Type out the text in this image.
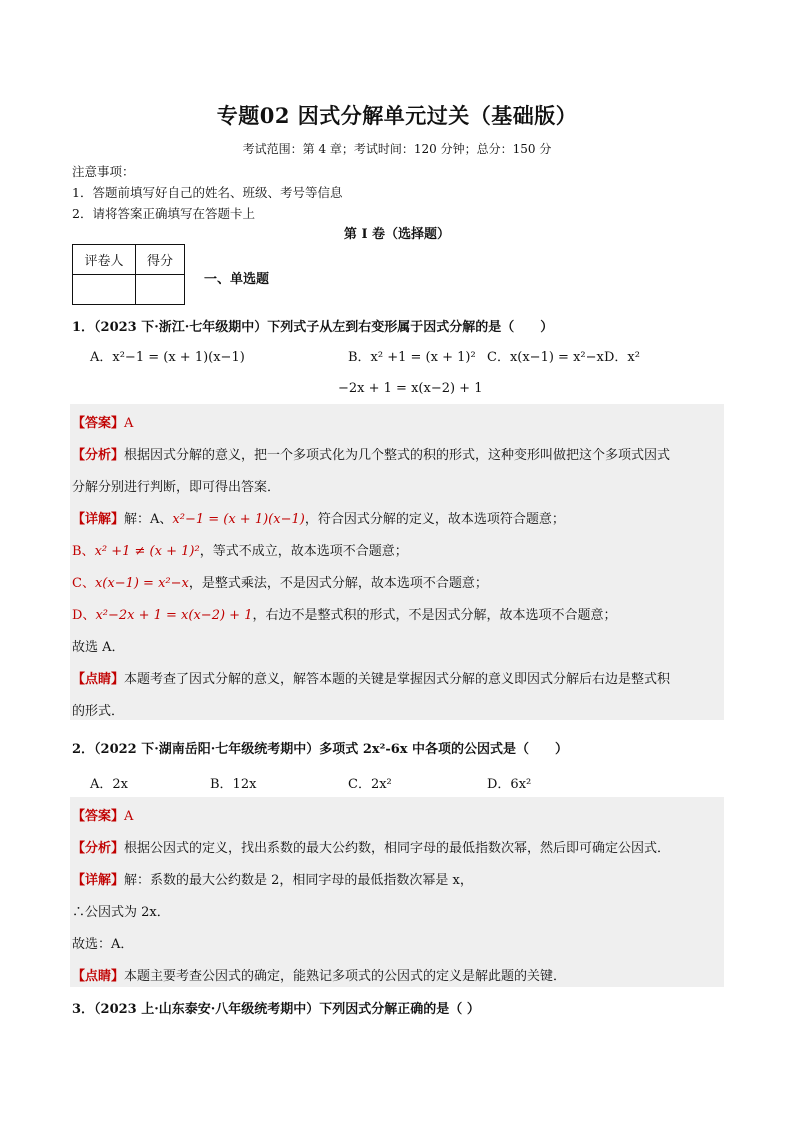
专题02 因式分解单元过关（基础版）
考试范围：第 4 章；考试时间：120 分钟；总分：150 分
注意事项：
1．答题前填写好自己的姓名、班级、考号等信息
2．请将答案正确填写在答题卡上
第 I 卷（选择题）
评卷人	得分

一、单选题
1．（2023 下·浙江·七年级期中）下列式子从左到右变形属于因式分解的是（　　）
A．x²−1 = (x + 1)(x−1)	B．x² +1 = (x + 1)² C．x(x−1) = x²−x D．x²
−2x + 1 = x(x−2) + 1
【答案】A
【分析】根据因式分解的意义，把一个多项式化为几个整式的积的形式，这种变形叫做把这个多项式因式
分解分别进行判断，即可得出答案．
【详解】解：A、x²−1 = (x + 1)(x−1)，符合因式分解的定义，故本选项符合题意；
B、x² +1 ≠ (x + 1)²，等式不成立，故本选项不合题意；
C、x(x−1) = x²−x，是整式乘法，不是因式分解，故本选项不合题意；
D、x²−2x + 1 = x(x−2) + 1，右边不是整式积的形式，不是因式分解，故本选项不合题意；
故选 A．
【点睛】本题考查了因式分解的意义，解答本题的关键是掌握因式分解的意义即因式分解后右边是整式积
的形式．
2．（2022 下·湖南岳阳·七年级统考期中）多项式 2x²-6x 中各项的公因式是（　　）
A．2x	B．12x	C．2x²	D．6x²
【答案】A
【分析】根据公因式的定义，找出系数的最大公约数，相同字母的最低指数次幂，然后即可确定公因式．
【详解】解：系数的最大公约数是 2，相同字母的最低指数次幂是 x，
∴公因式为 2x．
故选：A．
【点睛】本题主要考查公因式的确定，能熟记多项式的公因式的定义是解此题的关键．
3．（2023 上·山东泰安·八年级统考期中）下列因式分解正确的是（ ）
